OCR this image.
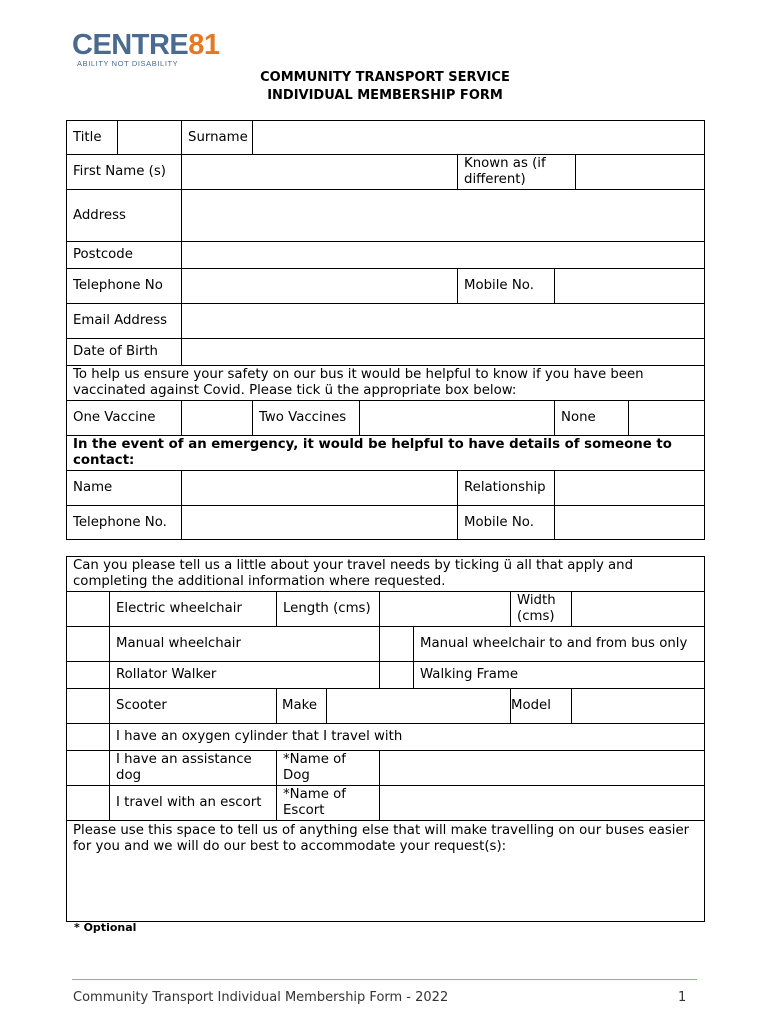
CENTRE81
ABILITY NOT DISABILITY
COMMUNITY TRANSPORT SERVICE
INDIVIDUAL MEMBERSHIP FORM
Title		Surname					
First Name (s)				Known as (if different)			
Address							
Postcode							
Telephone No				Mobile No.			
Email Address							
Date of Birth							
To help us ensure your safety on our bus it would be helpful to know if you have been vaccinated against Covid. Please tick ü the appropriate box below:							
One Vaccine			Two Vaccines		None		
In the event of an emergency, it would be helpful to have details of someone to contact:							
Name				Relationship			
Telephone No.				Mobile No.			
Can you please tell us a little about your travel needs by ticking ü all that apply and completing the additional information where requested.							
	Electric wheelchair	Length (cms)				Width (cms)	
	Manual wheelchair				Manual wheelchair to and from bus only		
	Rollator Walker				Walking Frame		
	Scooter	Make				Model	
	I have an oxygen cylinder that I travel with						
	I have an assistance dog	*Name of Dog					
	I travel with an escort	*Name of Escort					
Please use this space to tell us of anything else that will make travelling on our buses easier for you and we will do our best to accommodate your request(s):							
* Optional
Community Transport Individual Membership Form - 2022	1
